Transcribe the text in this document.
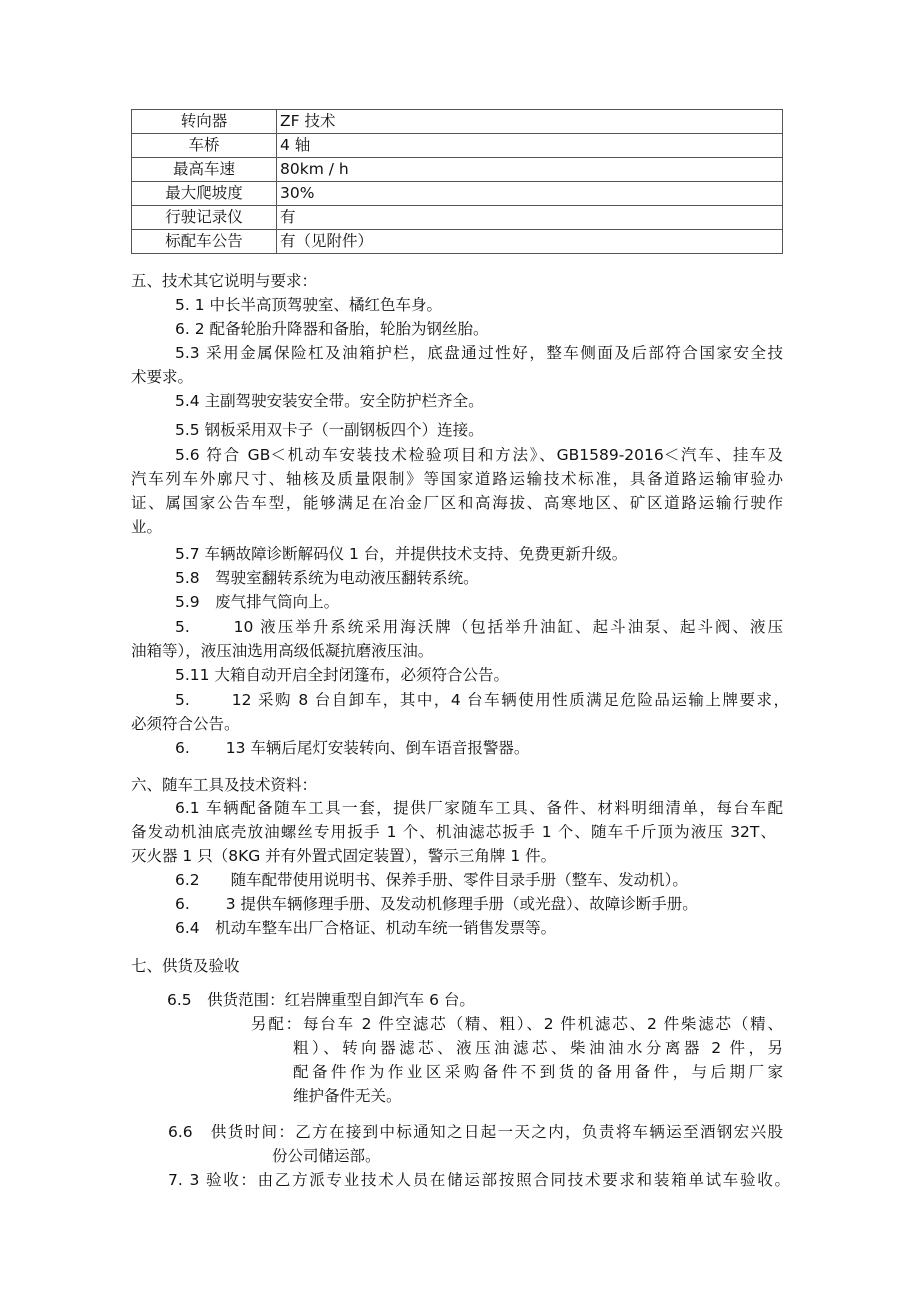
转向器	ZF 技术
车桥	4 轴
最高车速	80km / h
最大爬坡度	30%
行驶记录仪	有
标配车公告	有（见附件）
五、技术其它说明与要求：
5. 1 中长半高顶驾驶室、橘红色车身。
6. 2 配备轮胎升降器和备胎，轮胎为钢丝胎。
5.3 采用金属保险杠及油箱护栏，底盘通过性好，整车侧面及后部符合国家安全技
术要求。
5.4 主副驾驶安装安全带。安全防护栏齐全。
5.5 钢板采用双卡子（一副钢板四个）连接。
5.6 符合 GB＜机动车安装技术检验项目和方法》、GB1589-2016＜汽车、挂车及
汽车列车外廓尺寸、轴核及质量限制》等国家道路运输技术标准，具备道路运输审验办
证、属国家公告车型，能够满足在冶金厂区和高海拔、高寒地区、矿区道路运输行驶作
业。
5.7 车辆故障诊断解码仪 1 台，并提供技术支持、免费更新升级。
5.8　驾驶室翻转系统为电动液压翻转系统。
5.9　废气排气筒向上。
5.　　 10 液压举升系统采用海沃牌（包括举升油缸、起斗油泵、起斗阀、液压
油箱等），液压油选用高级低凝抗磨液压油。
5.11 大箱自动开启全封闭篷布，必须符合公告。
5.　　 12 采购 8 台自卸车，其中，4 台车辆使用性质满足危险品运输上牌要求，
必须符合公告。
6.　　 13 车辆后尾灯安装转向、倒车语音报警器。
六、随车工具及技术资料：
6.1 车辆配备随车工具一套，提供厂家随车工具、备件、材料明细清单，每台车配
备发动机油底壳放油螺丝专用扳手 1 个、机油滤芯扳手 1 个、随车千斤顶为液压 32T、
灭火器 1 只（8KG 并有外置式固定装置），警示三角牌 1 件。
6.2　　随车配带使用说明书、保养手册、零件目录手册（整车、发动机）。
6.　　 3 提供车辆修理手册、及发动机修理手册（或光盘）、故障诊断手册。
6.4　机动车整车出厂合格证、机动车统一销售发票等。
七、供货及验收
6.5　供货范围：红岩牌重型自卸汽车 6 台。
另配：每台车 2 件空滤芯（精、粗）、2 件机滤芯、2 件柴滤芯（精、
粗）、转向器滤芯、液压油滤芯、柴油油水分离器 2 件，另
配备件作为作业区采购备件不到货的备用备件，与后期厂家
维护备件无关。
6.6　供货时间：乙方在接到中标通知之日起一天之内，负责将车辆运至酒钢宏兴股
份公司储运部。
7. 3 验收：由乙方派专业技术人员在储运部按照合同技术要求和装箱单试车验收。
